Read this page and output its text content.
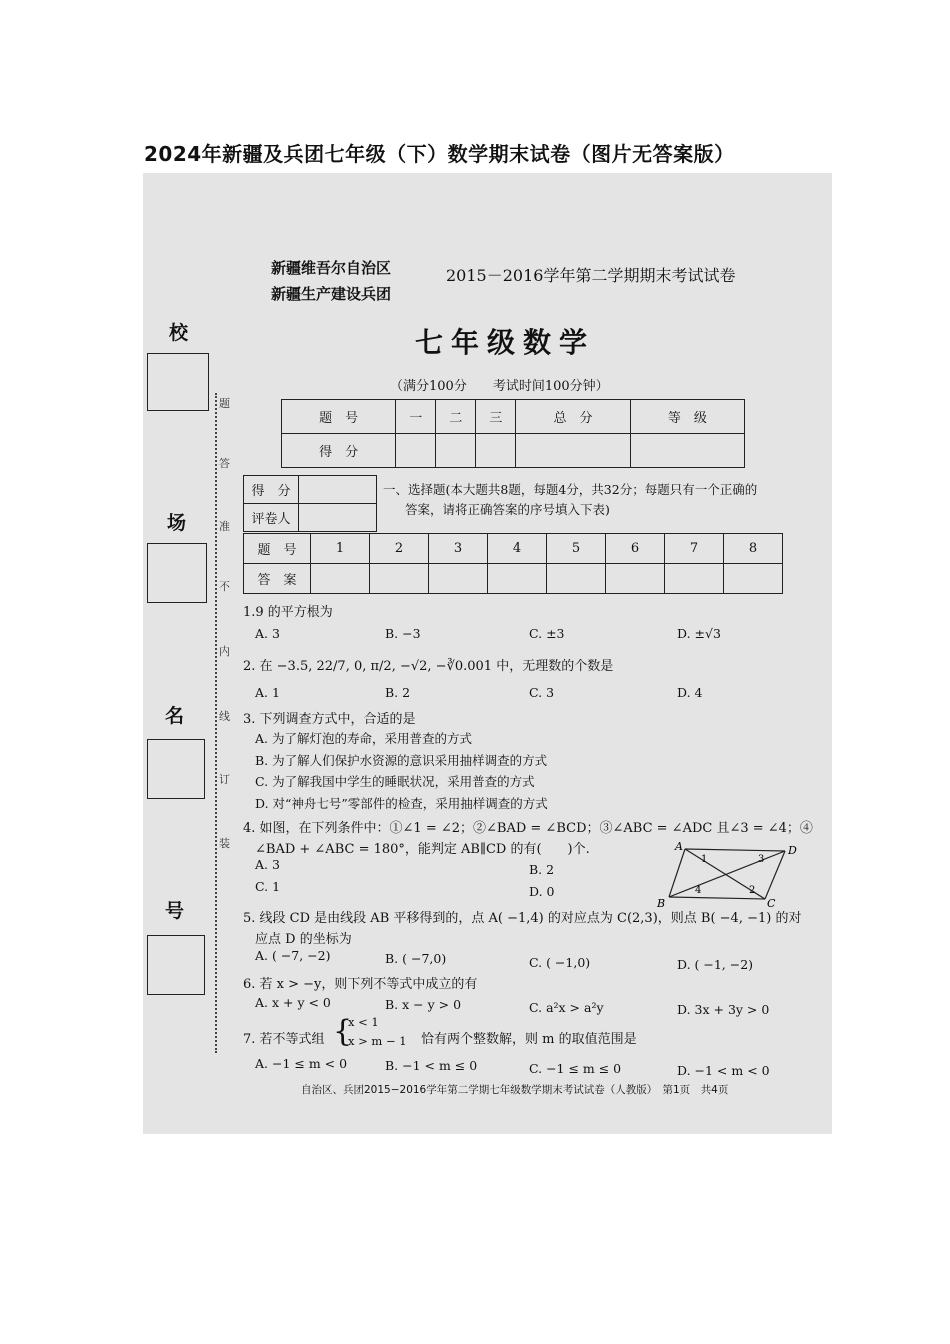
2024年新疆及兵团七年级（下）数学期末试卷（图片无答案版）
校
场
名
号
题
答
准
不
内
线
订
装
新疆维吾尔自治区
新疆生产建设兵团
2015－2016学年第二学期期末考试试卷
七年级数学
（满分100分　　考试时间100分钟）
题　号	一	二	三	总　分	等　级
得　分					
得　分	
评卷人	
一、选择题(本大题共8题，每题4分，共32分；每题只有一个正确的
答案，请将正确答案的序号填入下表)
题　号	1	2	3	4	5	6	7	8
答　案								
1.9 的平方根为
A. 3	B. −3	C. ±3	D. ±√3
2. 在 −3.5, 22/7, 0, π/2, −√2, −∛0.001 中，无理数的个数是
A. 1	B. 2	C. 3	D. 4
3. 下列调查方式中，合适的是
A. 为了解灯泡的寿命，采用普查的方式
B. 为了解人们保护水资源的意识采用抽样调查的方式
C. 为了解我国中学生的睡眠状况，采用普查的方式
D. 对“神舟七号”零部件的检查，采用抽样调查的方式
4. 如图，在下列条件中：①∠1 = ∠2；②∠BAD = ∠BCD；③∠ABC = ∠ADC 且∠3 = ∠4；④
∠BAD + ∠ABC = 180°，能判定 AB∥CD 的有(　　)个.
A. 3	B. 2
C. 1	D. 0
A	D
B	C
1	3
4	2
5. 线段 CD 是由线段 AB 平移得到的，点 A( −1,4) 的对应点为 C(2,3)，则点 B( −4, −1) 的对
应点 D 的坐标为
A. ( −7, −2)	B. ( −7,0)	C. ( −1,0)	D. ( −1, −2)
6. 若 x > −y，则下列不等式中成立的有
A. x + y < 0	B. x − y > 0	C. a²x > a²y	D. 3x + 3y > 0
7. 若不等式组 {
x < 1
x > m − 1 恰有两个整数解，则 m 的取值范围是
A. −1 ≤ m < 0	B. −1 < m ≤ 0	C. −1 ≤ m ≤ 0	D. −1 < m < 0
自治区、兵团2015−2016学年第二学期七年级数学期末考试试卷（人教版）　第1页　共4页
